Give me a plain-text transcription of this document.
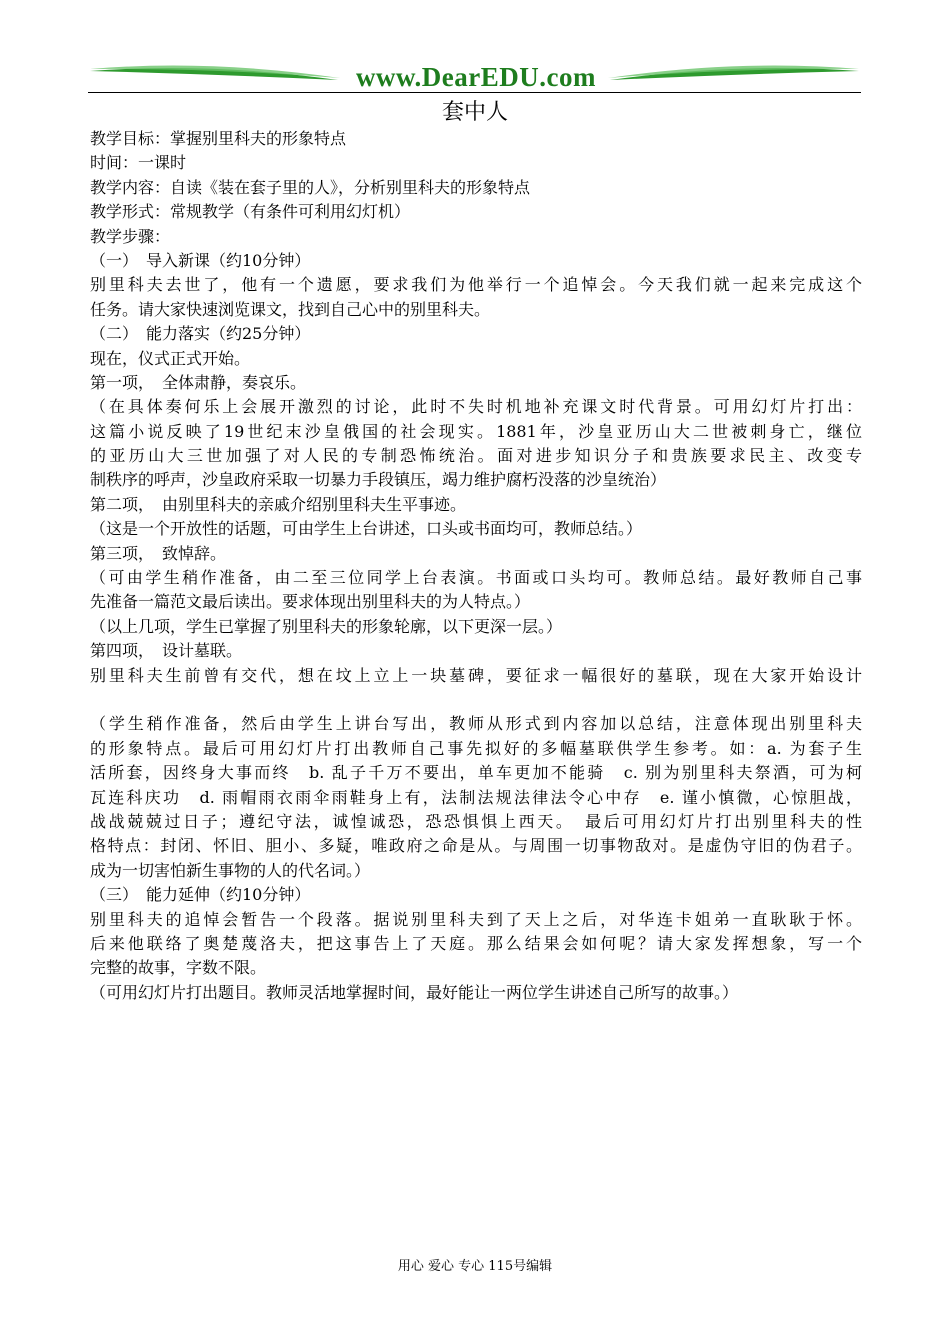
www.DearEDU.com
套中人
教学目标：掌握别里科夫的形象特点
时间：一课时
教学内容：自读《装在套子里的人》，分析别里科夫的形象特点
教学形式：常规教学（有条件可利用幻灯机）
教学步骤：
（一）　导入新课（约10分钟）
别里科夫去世了，他有一个遗愿，要求我们为他举行一个追悼会。今天我们就一起来完成这个
任务。请大家快速浏览课文，找到自己心中的别里科夫。
（二）　能力落实（约25分钟）
现在，仪式正式开始。
第一项，　全体肃静，奏哀乐。
（在具体奏何乐上会展开激烈的讨论，此时不失时机地补充课文时代背景。可用幻灯片打出：
这篇小说反映了19世纪末沙皇俄国的社会现实。1881年，沙皇亚历山大二世被刺身亡，继位
的亚历山大三世加强了对人民的专制恐怖统治。面对进步知识分子和贵族要求民主、改变专
制秩序的呼声，沙皇政府采取一切暴力手段镇压，竭力维护腐朽没落的沙皇统治）
第二项，　由别里科夫的亲戚介绍别里科夫生平事迹。
（这是一个开放性的话题，可由学生上台讲述，口头或书面均可，教师总结。）
第三项，　致悼辞。
（可由学生稍作准备，由二至三位同学上台表演。书面或口头均可。教师总结。最好教师自己事
先准备一篇范文最后读出。要求体现出别里科夫的为人特点。）
（以上几项，学生已掌握了别里科夫的形象轮廓，以下更深一层。）
第四项，　设计墓联。
别里科夫生前曾有交代，想在坟上立上一块墓碑，要征求一幅很好的墓联，现在大家开始设计
（学生稍作准备，然后由学生上讲台写出，教师从形式到内容加以总结，注意体现出别里科夫
的形象特点。最后可用幻灯片打出教师自己事先拟好的多幅墓联供学生参考。如：a. 为套子生
活所套，因终身大事而终　b. 乱子千万不要出，单车更加不能骑　c. 别为别里科夫祭酒，可为柯
瓦连科庆功　d. 雨帽雨衣雨伞雨鞋身上有，法制法规法律法令心中存　e. 谨小慎微，心惊胆战，
战战兢兢过日子；遵纪守法，诚惶诚恐，恐恐惧惧上西天。　最后可用幻灯片打出别里科夫的性
格特点：封闭、怀旧、胆小、多疑，唯政府之命是从。与周围一切事物敌对。是虚伪守旧的伪君子。
成为一切害怕新生事物的人的代名词。）
（三）　能力延伸（约10分钟）
别里科夫的追悼会暂告一个段落。据说别里科夫到了天上之后，对华连卡姐弟一直耿耿于怀。
后来他联络了奥楚蔑洛夫，把这事告上了天庭。那么结果会如何呢？请大家发挥想象，写一个
完整的故事，字数不限。
（可用幻灯片打出题目。教师灵活地掌握时间，最好能让一两位学生讲述自己所写的故事。）
用心 爱心 专心 115号编辑
